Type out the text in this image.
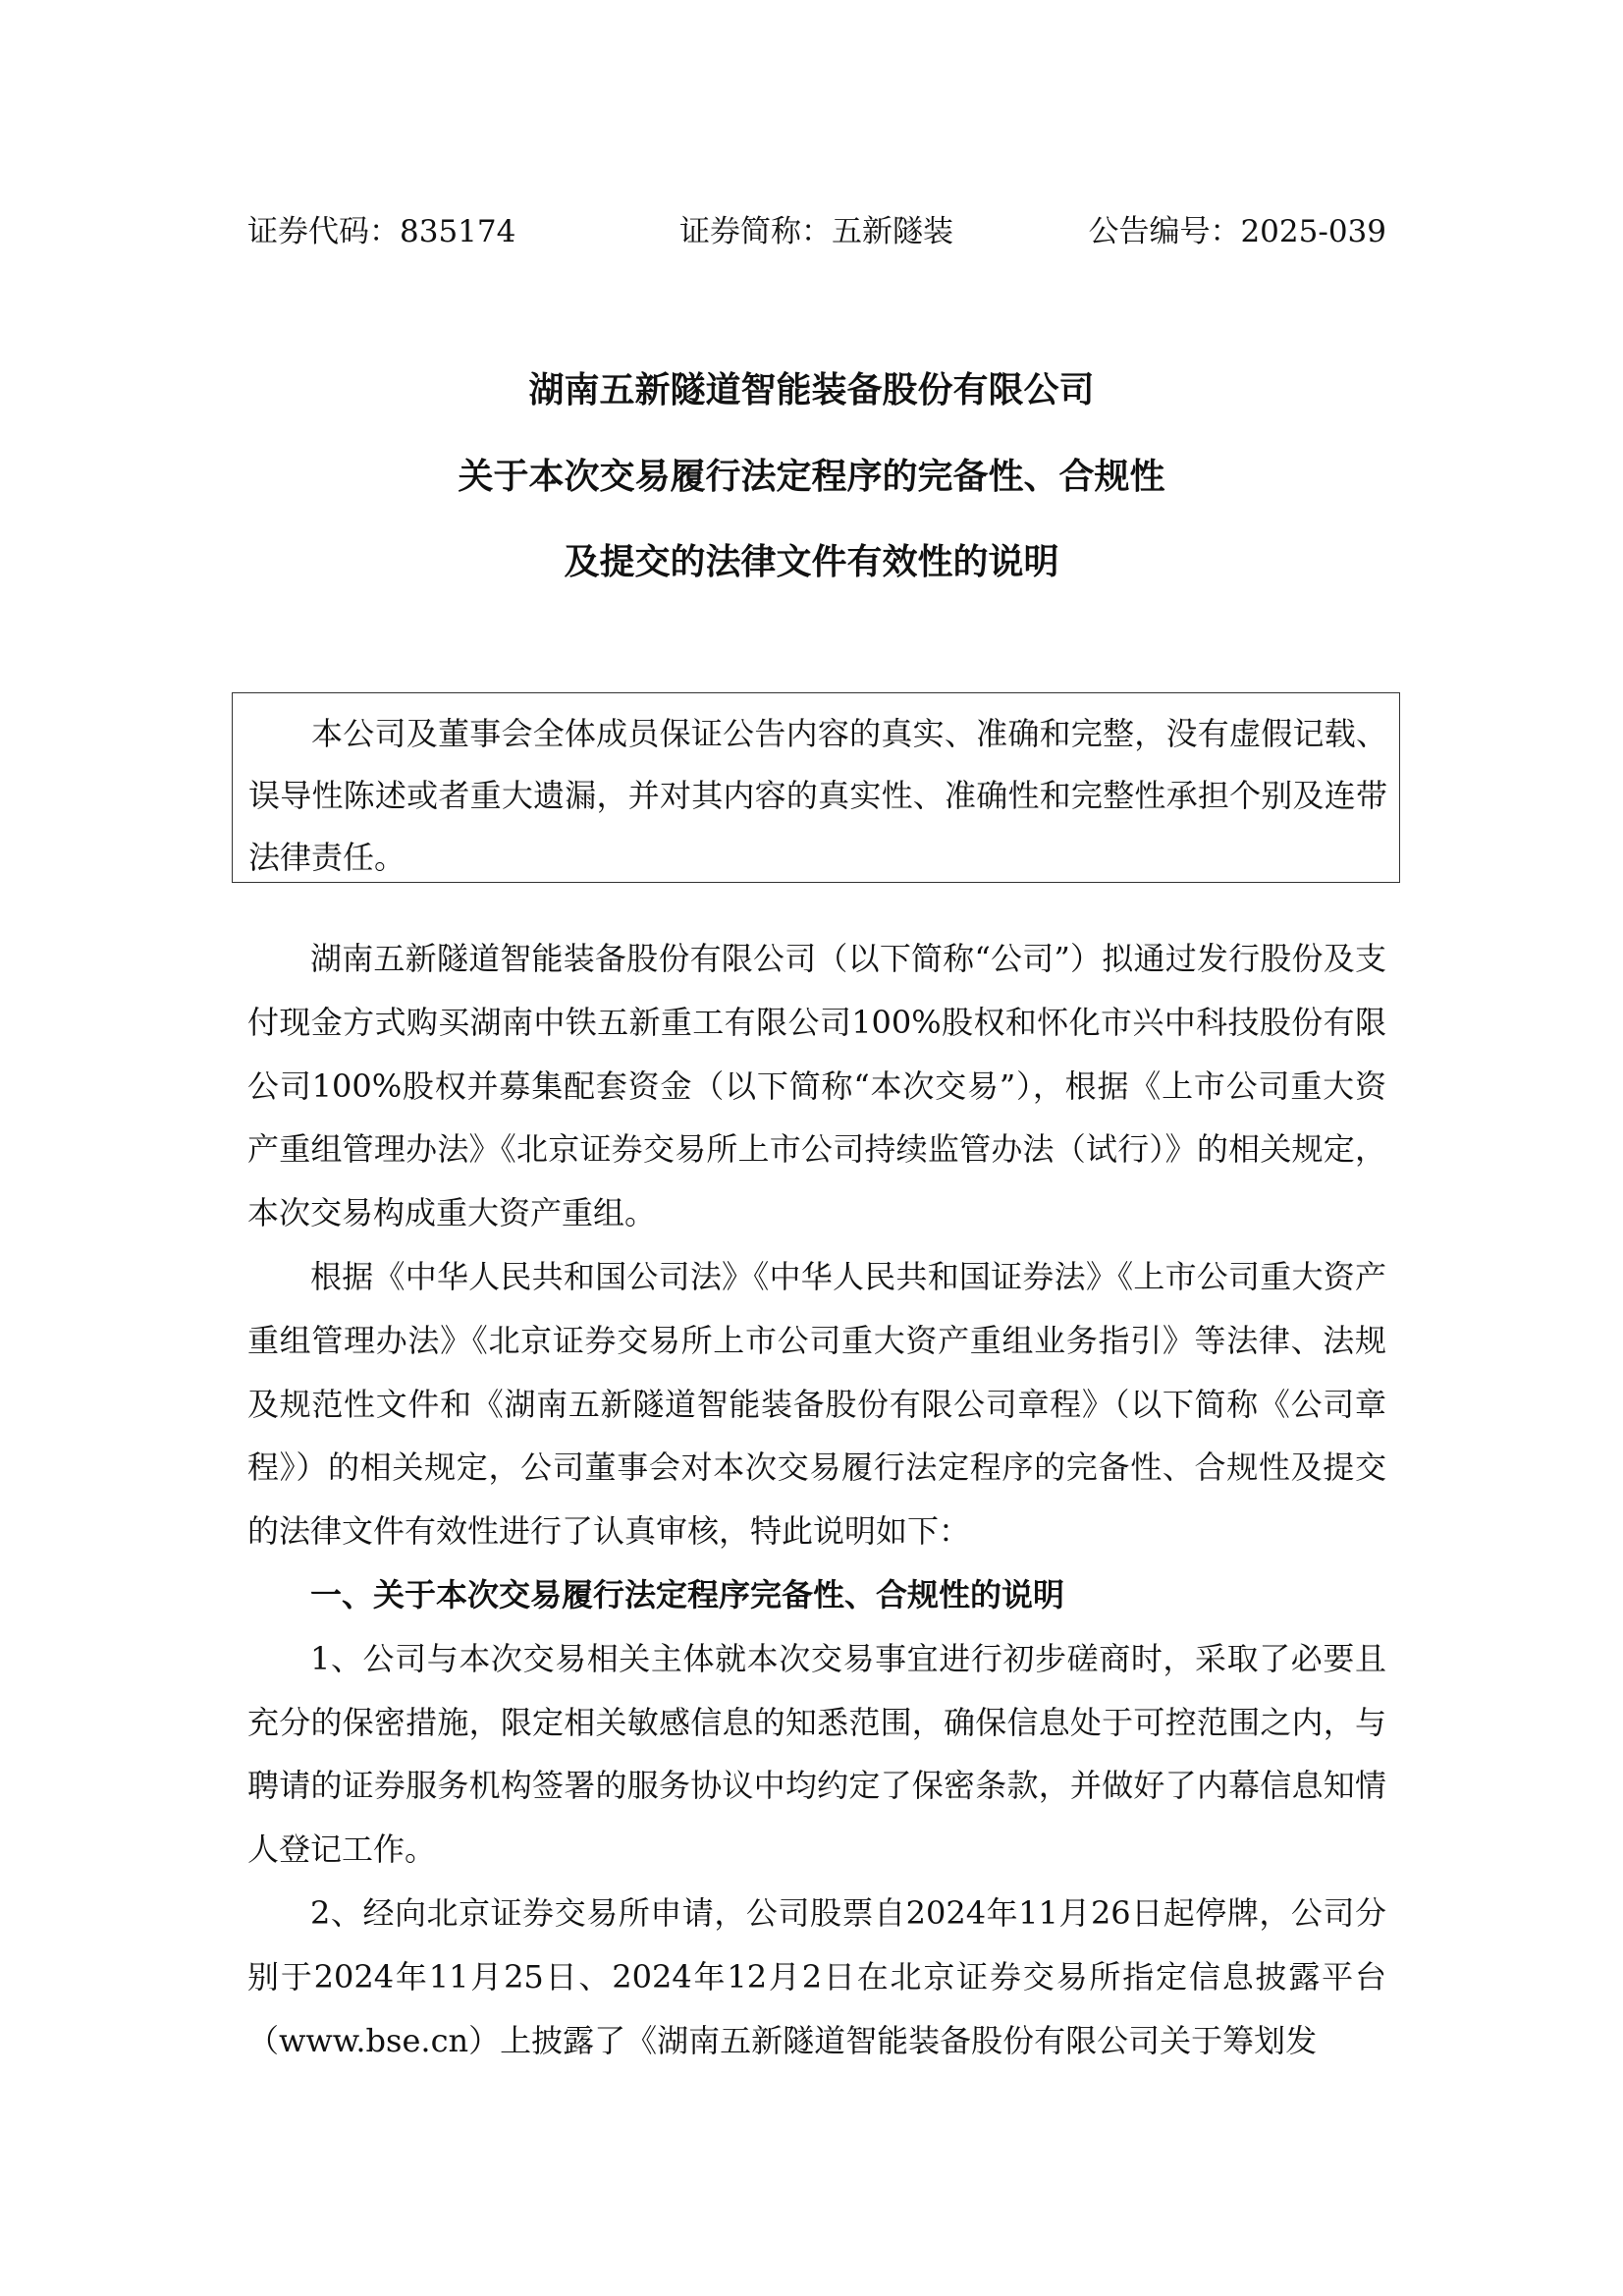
证券代码：835174	证券简称：五新隧装	公告编号：2025-039
湖南五新隧道智能装备股份有限公司
关于本次交易履行法定程序的完备性、合规性
及提交的法律文件有效性的说明

本公司及董事会全体成员保证公告内容的真实、准确和完整，没有虚假记载、误导性陈述或者重大遗漏，并对其内容的真实性、准确性和完整性承担个别及连带法律责任。

湖南五新隧道智能装备股份有限公司（以下简称“公司”）拟通过发行股份及支付现金方式购买湖南中铁五新重工有限公司100%股权和怀化市兴中科技股份有限公司100%股权并募集配套资金（以下简称“本次交易”），根据《上市公司重大资产重组管理办法》《北京证券交易所上市公司持续监管办法（试行）》的相关规定，本次交易构成重大资产重组。

根据《中华人民共和国公司法》《中华人民共和国证券法》《上市公司重大资产重组管理办法》《北京证券交易所上市公司重大资产重组业务指引》等法律、法规及规范性文件和《湖南五新隧道智能装备股份有限公司章程》（以下简称《公司章程》）的相关规定，公司董事会对本次交易履行法定程序的完备性、合规性及提交的法律文件有效性进行了认真审核，特此说明如下：

一、关于本次交易履行法定程序完备性、合规性的说明

1、公司与本次交易相关主体就本次交易事宜进行初步磋商时，采取了必要且充分的保密措施，限定相关敏感信息的知悉范围，确保信息处于可控范围之内，与聘请的证券服务机构签署的服务协议中均约定了保密条款，并做好了内幕信息知情人登记工作。

2、经向北京证券交易所申请，公司股票自2024年11月26日起停牌，公司分别于2024年11月25日、2024年12月2日在北京证券交易所指定信息披露平台（www.bse.cn）上披露了《湖南五新隧道智能装备股份有限公司关于筹划发
